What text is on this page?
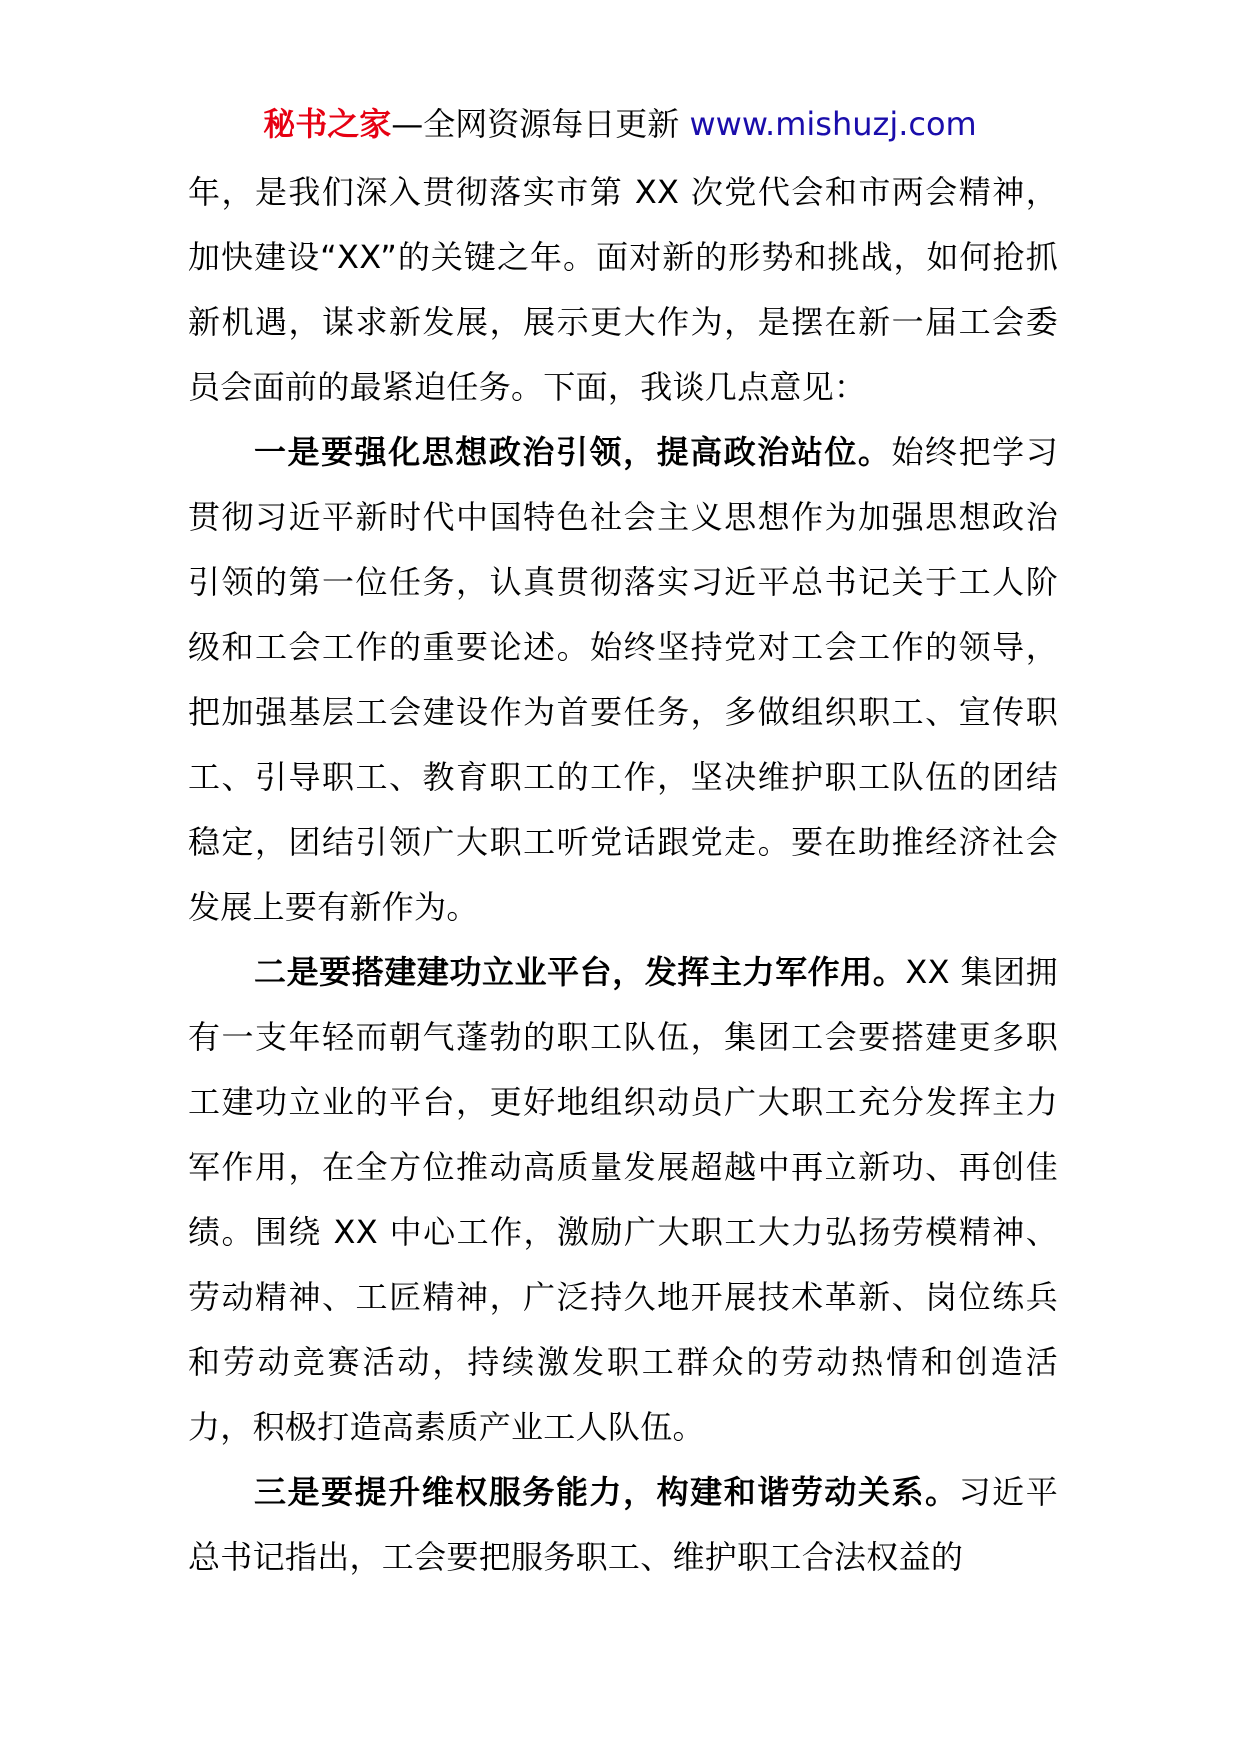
秘书之家—全网资源每日更新 www.mishuzj.com

年，是我们深入贯彻落实市第 XX 次党代会和市两会精神，加快建设“XX”的关键之年。面对新的形势和挑战，如何抢抓新机遇，谋求新发展，展示更大作为，是摆在新一届工会委员会面前的最紧迫任务。下面，我谈几点意见：

一是要强化思想政治引领，提高政治站位。始终把学习贯彻习近平新时代中国特色社会主义思想作为加强思想政治引领的第一位任务，认真贯彻落实习近平总书记关于工人阶级和工会工作的重要论述。始终坚持党对工会工作的领导，把加强基层工会建设作为首要任务，多做组织职工、宣传职工、引导职工、教育职工的工作，坚决维护职工队伍的团结稳定，团结引领广大职工听党话跟党走。要在助推经济社会发展上要有新作为。

二是要搭建建功立业平台，发挥主力军作用。XX 集团拥有一支年轻而朝气蓬勃的职工队伍，集团工会要搭建更多职工建功立业的平台，更好地组织动员广大职工充分发挥主力军作用，在全方位推动高质量发展超越中再立新功、再创佳绩。围绕 XX 中心工作，激励广大职工大力弘扬劳模精神、劳动精神、工匠精神，广泛持久地开展技术革新、岗位练兵和劳动竞赛活动，持续激发职工群众的劳动热情和创造活力，积极打造高素质产业工人队伍。

三是要提升维权服务能力，构建和谐劳动关系。习近平总书记指出，工会要把服务职工、维护职工合法权益的
